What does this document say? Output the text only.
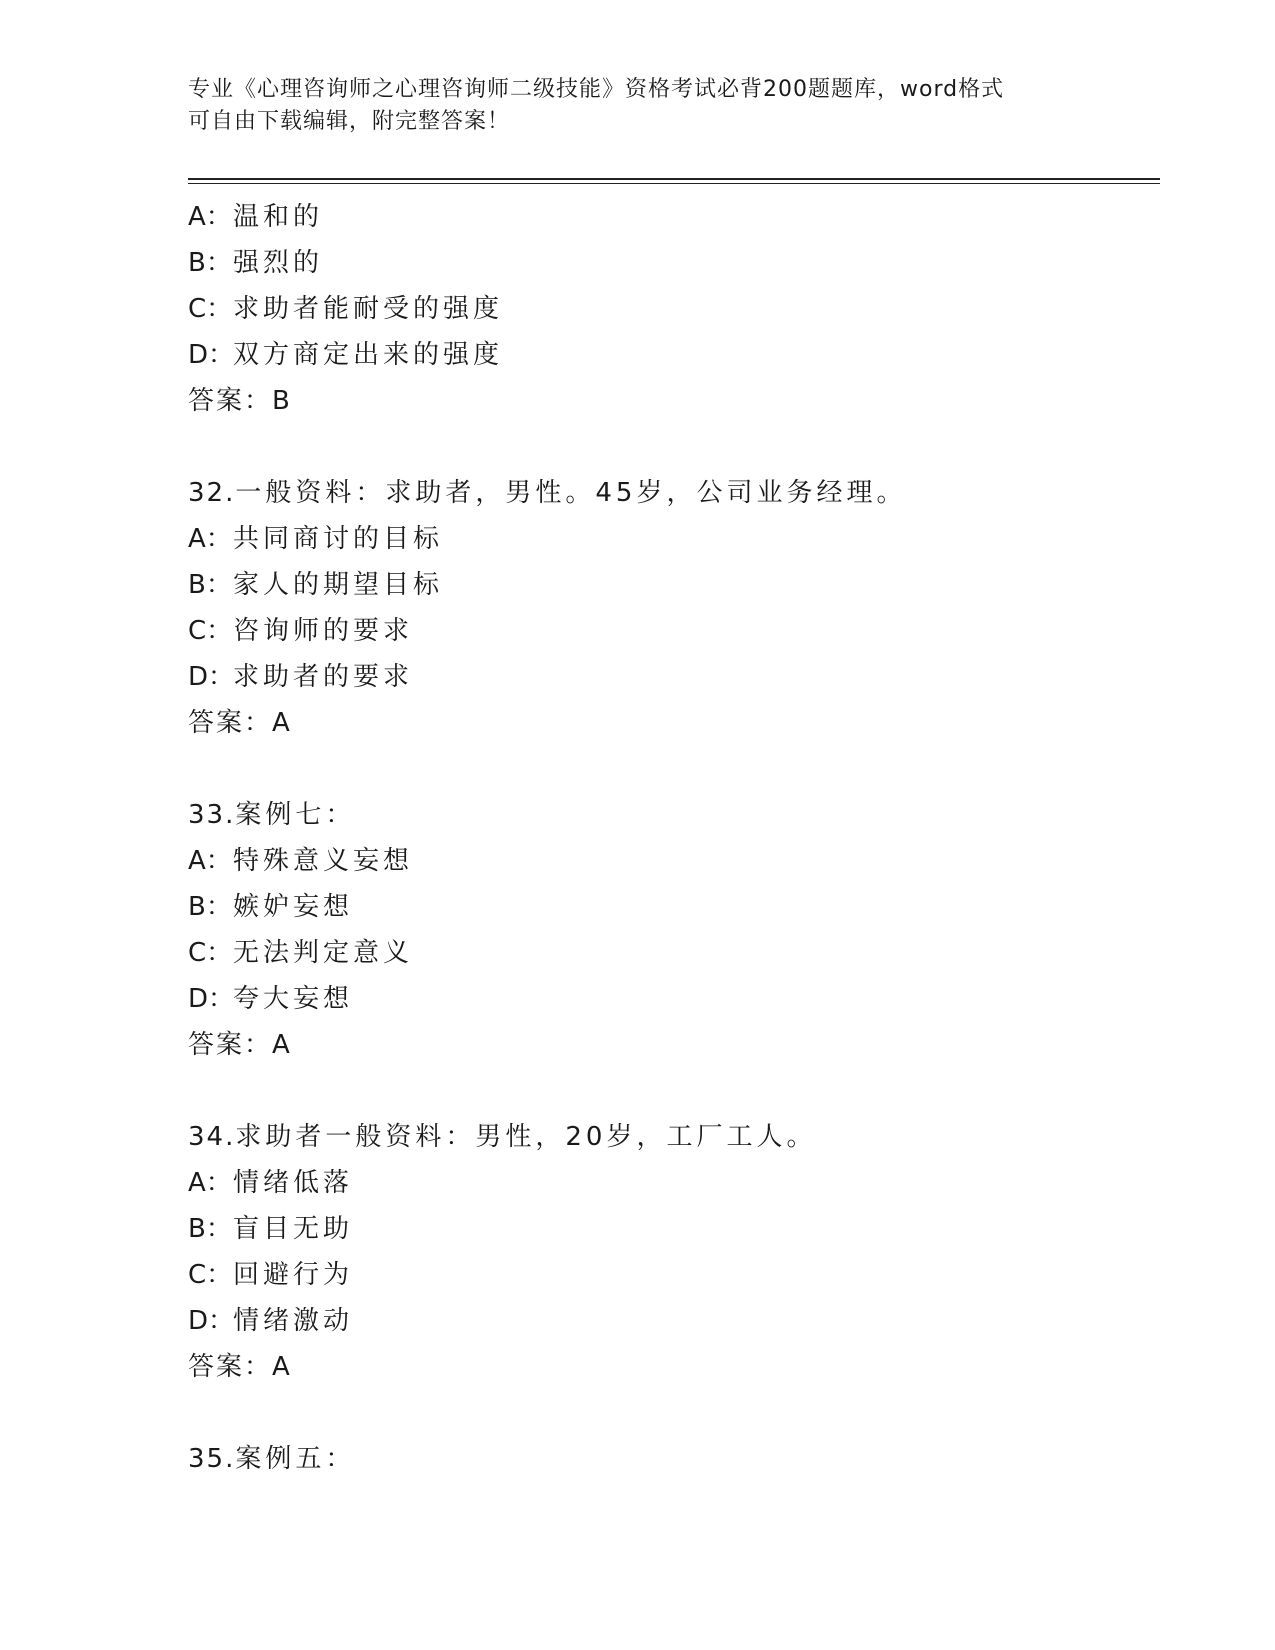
专业《心理咨询师之心理咨询师二级技能》资格考试必背200题题库，word格式
可自由下载编辑，附完整答案！
A：温和的
B：强烈的
C：求助者能耐受的强度
D：双方商定出来的强度
答案：B
32.一般资料：求助者，男性。45岁，公司业务经理。
A：共同商讨的目标
B：家人的期望目标
C：咨询师的要求
D：求助者的要求
答案：A
33.案例七：
A：特殊意义妄想
B：嫉妒妄想
C：无法判定意义
D：夸大妄想
答案：A
34.求助者一般资料：男性，20岁，工厂工人。
A：情绪低落
B：盲目无助
C：回避行为
D：情绪激动
答案：A
35.案例五：
